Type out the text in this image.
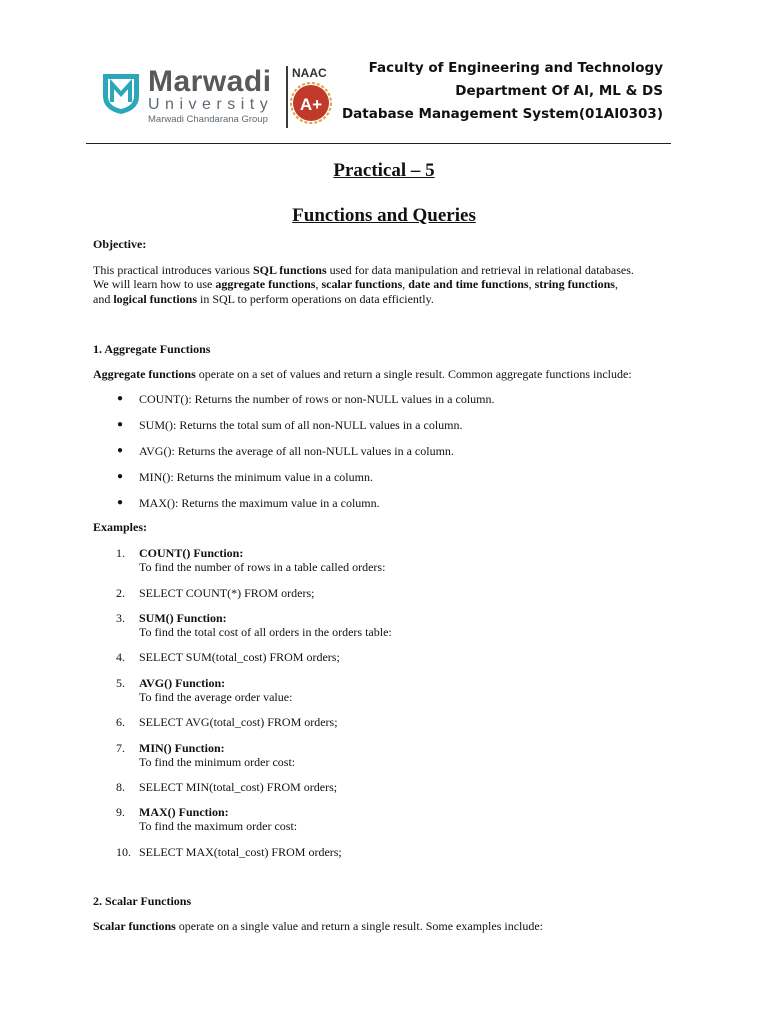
Marwadi
University
Marwadi Chandarana Group
NAAC
A+
Faculty of Engineering and Technology
Department Of AI, ML & DS
Database Management System(01AI0303)
Practical – 5
Functions and Queries
Objective:
This practical introduces various SQL functions used for data manipulation and retrieval in relational databases.
We will learn how to use aggregate functions, scalar functions, date and time functions, string functions,
and logical functions in SQL to perform operations on data efficiently.
1. Aggregate Functions
Aggregate functions operate on a set of values and return a single result. Common aggregate functions include:
● COUNT(): Returns the number of rows or non-NULL values in a column.
● SUM(): Returns the total sum of all non-NULL values in a column.
● AVG(): Returns the average of all non-NULL values in a column.
● MIN(): Returns the minimum value in a column.
● MAX(): Returns the maximum value in a column.
Examples:
1. COUNT() Function:
To find the number of rows in a table called orders:
2. SELECT COUNT(*) FROM orders;
3. SUM() Function:
To find the total cost of all orders in the orders table:
4. SELECT SUM(total_cost) FROM orders;
5. AVG() Function:
To find the average order value:
6. SELECT AVG(total_cost) FROM orders;
7. MIN() Function:
To find the minimum order cost:
8. SELECT MIN(total_cost) FROM orders;
9. MAX() Function:
To find the maximum order cost:
10. SELECT MAX(total_cost) FROM orders;
2. Scalar Functions
Scalar functions operate on a single value and return a single result. Some examples include:
